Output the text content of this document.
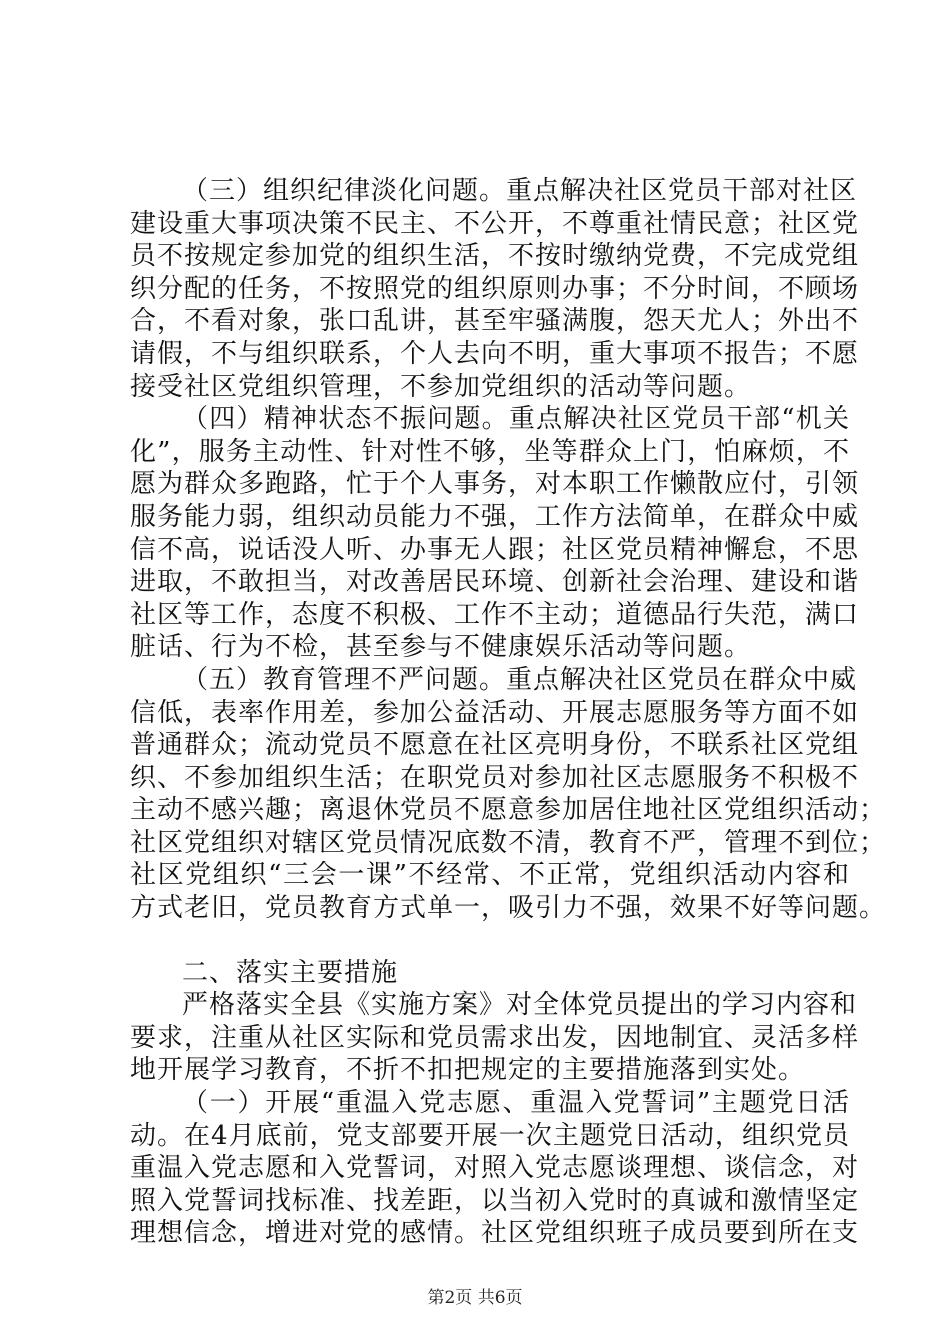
（三）组织纪律淡化问题。重点解决社区党员干部对社区
建设重大事项决策不民主、不公开，不尊重社情民意；社区党
员不按规定参加党的组织生活，不按时缴纳党费，不完成党组
织分配的任务，不按照党的组织原则办事；不分时间，不顾场
合，不看对象，张口乱讲，甚至牢骚满腹，怨天尤人；外出不
请假，不与组织联系，个人去向不明，重大事项不报告；不愿
接受社区党组织管理，不参加党组织的活动等问题。
（四）精神状态不振问题。重点解决社区党员干部“机关
化”，服务主动性、针对性不够，坐等群众上门，怕麻烦，不
愿为群众多跑路，忙于个人事务，对本职工作懒散应付，引领
服务能力弱，组织动员能力不强，工作方法简单，在群众中威
信不高，说话没人听、办事无人跟；社区党员精神懈怠，不思
进取，不敢担当，对改善居民环境、创新社会治理、建设和谐
社区等工作，态度不积极、工作不主动；道德品行失范，满口
脏话、行为不检，甚至参与不健康娱乐活动等问题。
（五）教育管理不严问题。重点解决社区党员在群众中威
信低，表率作用差，参加公益活动、开展志愿服务等方面不如
普通群众；流动党员不愿意在社区亮明身份，不联系社区党组
织、不参加组织生活；在职党员对参加社区志愿服务不积极不
主动不感兴趣；离退休党员不愿意参加居住地社区党组织活动；
社区党组织对辖区党员情况底数不清，教育不严，管理不到位；
社区党组织“三会一课”不经常、不正常，党组织活动内容和
方式老旧，党员教育方式单一，吸引力不强，效果不好等问题。
二、落实主要措施
严格落实全县《实施方案》对全体党员提出的学习内容和
要求，注重从社区实际和党员需求出发，因地制宜、灵活多样
地开展学习教育，不折不扣把规定的主要措施落到实处。
（一）开展“重温入党志愿、重温入党誓词”主题党日活
动。在4月底前，党支部要开展一次主题党日活动，组织党员
重温入党志愿和入党誓词，对照入党志愿谈理想、谈信念，对
照入党誓词找标准、找差距，以当初入党时的真诚和激情坚定
理想信念，增进对党的感情。社区党组织班子成员要到所在支
第2页 共6页
